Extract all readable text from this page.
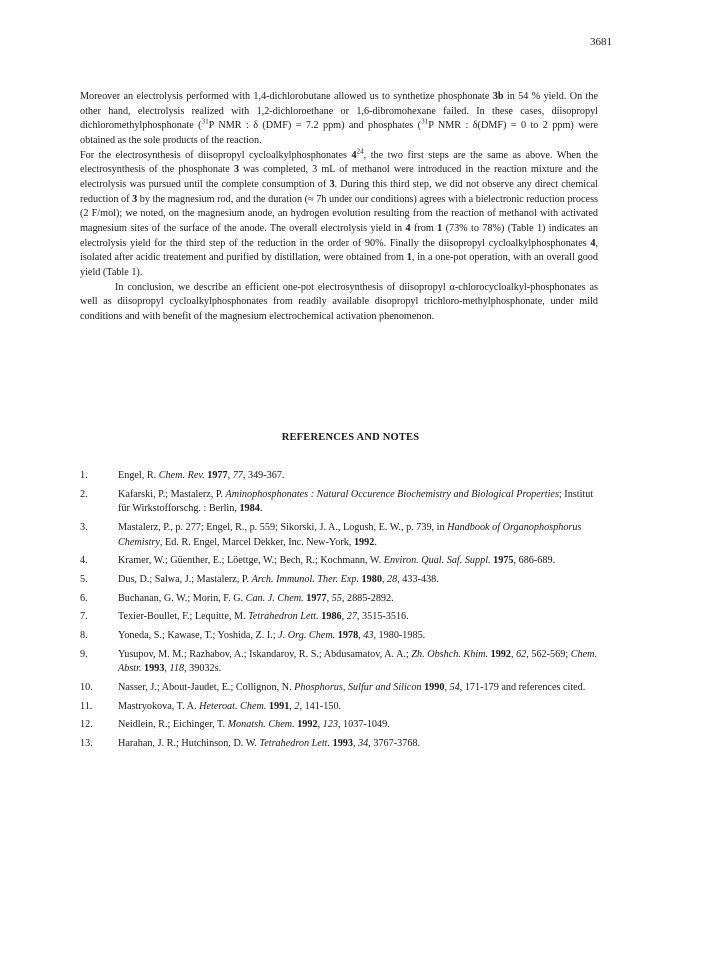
3681

Moreover an electrolysis performed with 1,4-dichlorobutane allowed us to synthetize phosphonate 3b in 54 % yield. On the other hand, electrolysis realized with 1,2-dichloroethane or 1,6-dibromohexane failed. In these cases, diisopropyl dichloromethylphosphonate ($^{31}$P NMR : δ (DMF) = 7.2 ppm) and phosphates ($^{31}$P NMR : δ(DMF) = 0 to 2 ppm) were obtained as the sole products of the reaction.

For the electrosynthesis of diisopropyl cycloalkylphosphonates $4^{24}$, the two first steps are the same as above. When the electrosynthesis of the phosphonate 3 was completed, 3 mL of methanol were introduced in the reaction mixture and the electrolysis was pursued until the complete consumption of 3. During this third step, we did not observe any direct chemical reduction of 3 by the magnesium rod, and the duration (≈ 7h under our conditions) agrees with a bielectronic reduction process (2 F/mol); we noted, on the magnesium anode, an hydrogen evolution resulting from the reaction of methanol with activated magnesium sites of the surface of the anode. The overall electrolysis yield in 4 from 1 (73% to 78%) (Table 1) indicates an electrolysis yield for the third step of the reduction in the order of 90%. Finally the diisopropyl cycloalkylphosphonates 4, isolated after acidic treatement and purified by distillation, were obtained from 1, in a one-pot operation, with an overall good yield (Table 1).

In conclusion, we describe an efficient one-pot electrosynthesis of diisopropyl α-chlorocycloalkyl-phosphonates as well as diisopropyl cycloalkylphosphonates from readily available disopropyl trichloro-methylphosphonate, under mild conditions and with benefit of the magnesium electrochemical activation phenomenon.

REFERENCES AND NOTES
1.	Engel, R. Chem. Rev. 1977, 77, 349-367.
2.	Kafarski, P.; Mastalerz, P. Aminophosphonates : Natural Occurence Biochemistry and Biological Properties; Institut für Wirkstofforschg. : Berlin, 1984.
3.	Mastalerz, P., p. 277; Engel, R., p. 559; Sikorski, J. A., Logush, E. W., p. 739, in Handbook of Organophosphorus Chemistry, Ed. R. Engel, Marcel Dekker, Inc. New-York, 1992.
4.	Kramer, W.; Güenther, E.; Löettge, W.; Bech, R.; Kochmann, W. Environ. Qual. Saf. Suppl. 1975, 686-689.
5.	Dus, D.; Salwa, J.; Mastalerz, P. Arch. Immunol. Ther. Exp. 1980, 28, 433-438.
6.	Buchanan, G. W.; Morin, F. G. Can. J. Chem. 1977, 55, 2885-2892.
7.	Texier-Boullet, F.; Lequitte, M. Tetrahedron Lett. 1986, 27, 3515-3516.
8.	Yoneda, S.; Kawase, T.; Yoshida, Z. I.; J. Org. Chem. 1978, 43, 1980-1985.
9.	Yusupov, M. M.; Razhabov, A.; Iskandarov, R. S.; Abdusamatov, A. A.; Zh. Obshch. Khim. 1992, 62, 562-569; Chem. Abstr. 1993, 118, 39032s.
10. Nasser, J.; About-Jaudet, E.; Collignon, N. Phosphorus, Sulfur and Silicon 1990, 54, 171-179 and references cited.
11.	Mastryokova, T. A. Heteroat. Chem. 1991, 2, 141-150.
12. Neidlein, R.; Eichinger, T. Monatsh. Chem. 1992, 123, 1037-1049.
13. Harahan, J. R.; Hutchinson, D. W. Tetrahedron Lett. 1993, 34, 3767-3768.
